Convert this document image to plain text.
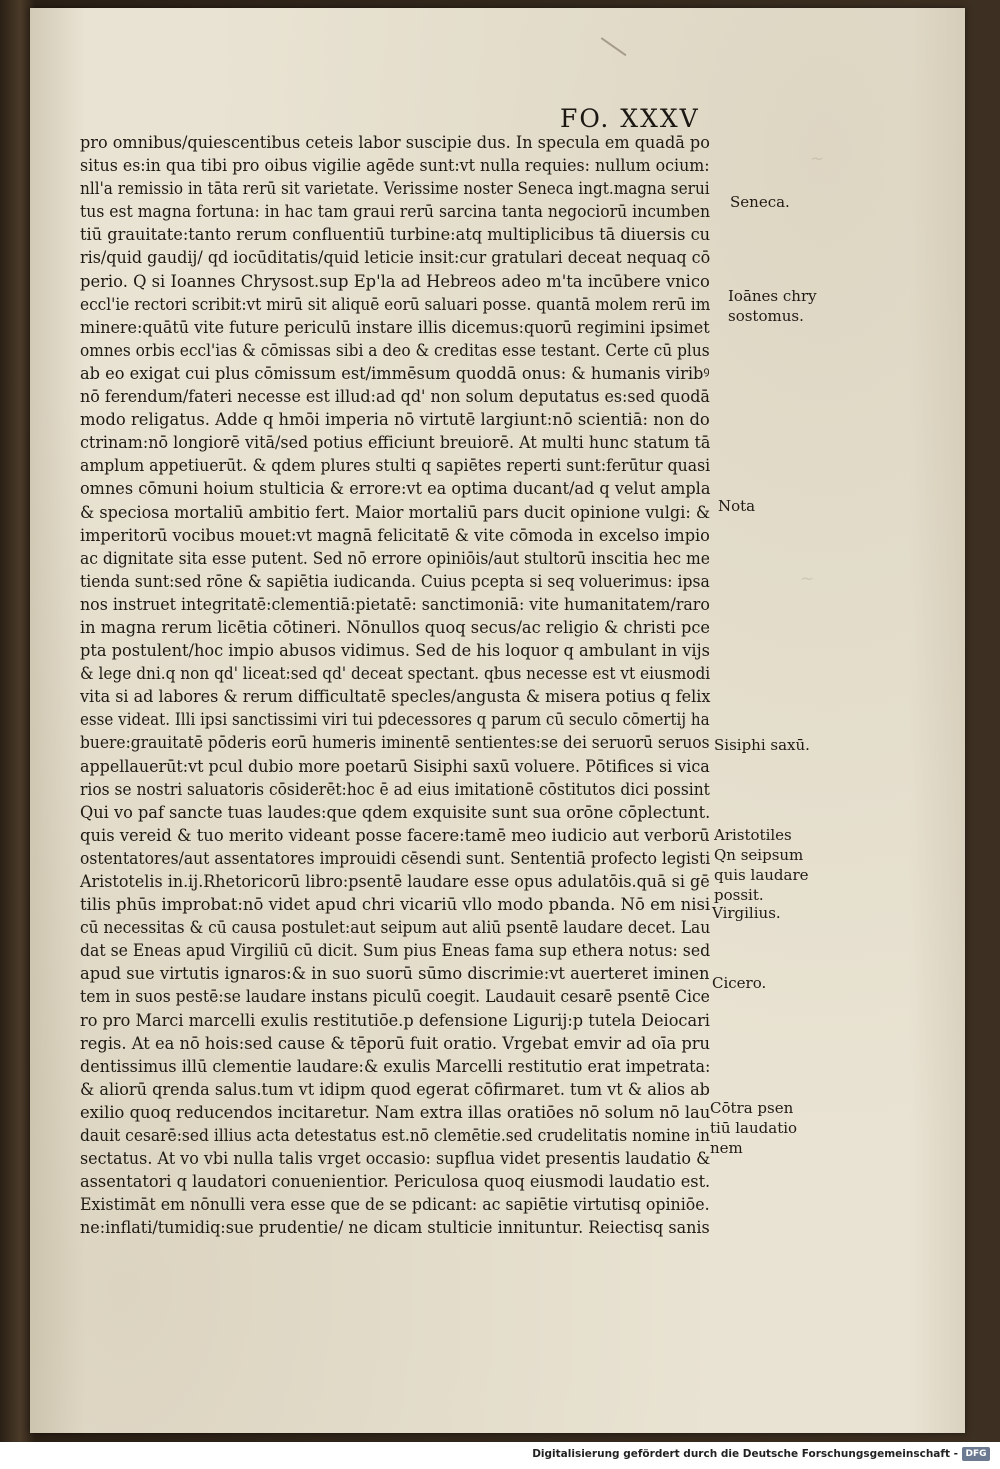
~
~
FO. XXXV
pro omnibus/quiescentibus ceteis labor suscipie dus. In specula em quadā po
situs es:in qua tibi pro oibus vigilie agēde sunt:vt nulla requies: nullum ocium:
nll'a remissio in tāta rerū sit varietate. Verissime noster Seneca ingt.magna serui
tus est magna fortuna: in hac tam graui rerū sarcina tanta negociorū incumben
tiū grauitate:tanto rerum confluentiū turbine:atq multiplicibus tā diuersis cu
ris/quid gaudij/ qd iocūditatis/quid leticie insit:cur gratulari deceat nequaq cō
perio. Q si Ioannes Chrysost.sup Ep'la ad Hebreos adeo m'ta incūbere vnico
eccl'ie rectori scribit:vt mirū sit aliquē eorū saluari posse. quantā molem rerū im
minere:quātū vite future periculū instare illis dicemus:quorū regimini ipsimet
omnes orbis eccl'ias & cōmissas sibi a deo & creditas esse testant. Certe cū plus
ab eo exigat cui plus cōmissum est/immēsum quoddā onus: & humanis viribꝰ
nō ferendum/fateri necesse est illud:ad qd' non solum deputatus es:sed quodā
modo religatus. Adde q hmōi imperia nō virtutē largiunt:nō scientiā: non do
ctrinam:nō longiorē vitā/sed potius efficiunt breuiorē. At multi hunc statum tā
amplum appetiuerūt. & qdem plures stulti q sapiētes reperti sunt:ferūtur quasi
omnes cōmuni hoium stulticia & errore:vt ea optima ducant/ad q velut ampla
& speciosa mortaliū ambitio fert. Maior mortaliū pars ducit opinione vulgi: &
imperitorū vocibus mouet:vt magnā felicitatē & vite cōmoda in excelso impio
ac dignitate sita esse putent. Sed nō errore opiniōis/aut stultorū inscitia hec me
tienda sunt:sed rōne & sapiētia iudicanda. Cuius pcepta si seq voluerimus: ipsa
nos instruet integritatē:clementiā:pietatē: sanctimoniā: vite humanitatem/raro
in magna rerum licētia cōtineri. Nōnullos quoq secus/ac religio & christi pce
pta postulent/hoc impio abusos vidimus. Sed de his loquor q ambulant in vijs
& lege dni.q non qd' liceat:sed qd' deceat spectant. qbus necesse est vt eiusmodi
vita si ad labores & rerum difficultatē specles/angusta & misera potius q felix
esse videat. Illi ipsi sanctissimi viri tui pdecessores q parum cū seculo cōmertij ha
buere:grauitatē pōderis eorū humeris iminentē sentientes:se dei seruorū seruos
appellauerūt:vt pcul dubio more poetarū Sisiphi saxū voluere. Pōtifices si vica
rios se nostri saluatoris cōsiderēt:hoc ē ad eius imitationē cōstitutos dici possint
Qui vo paf sancte tuas laudes:que qdem exquisite sunt sua orōne cōplectunt.
quis vereid & tuo merito videant posse facere:tamē meo iudicio aut verborū
ostentatores/aut assentatores improuidi cēsendi sunt. Sententiā profecto legisti
Aristotelis in.ij.Rhetoricorū libro:psentē laudare esse opus adulatōis.quā si gē
tilis phūs improbat:nō videt apud chri vicariū vllo modo pbanda. Nō em nisi
cū necessitas & cū causa postulet:aut seipum aut aliū psentē laudare decet. Lau
dat se Eneas apud Virgiliū cū dicit. Sum pius Eneas fama sup ethera notus: sed
apud sue virtutis ignaros:& in suo suorū sūmo discrimie:vt auerteret iminen
tem in suos pestē:se laudare instans piculū coegit. Laudauit cesarē psentē Cice
ro pro Marci marcelli exulis restitutiōe.p defensione Ligurij:p tutela Deiocari
regis. At ea nō hois:sed cause & tēporū fuit oratio. Vrgebat emvir ad oīa pru
dentissimus illū clementie laudare:& exulis Marcelli restitutio erat impetrata:
& aliorū qrenda salus.tum vt idipm quod egerat cōfirmaret. tum vt & alios ab
exilio quoq reducendos incitaretur. Nam extra illas oratiōes nō solum nō lau
dauit cesarē:sed illius acta detestatus est.nō clemētie.sed crudelitatis nomine in
sectatus. At vo vbi nulla talis vrget occasio: supflua videt presentis laudatio &
assentatori q laudatori conuenientior. Periculosa quoq eiusmodi laudatio est.
Existimāt em nōnulli vera esse que de se pdicant: ac sapiētie virtutisq opiniōe.
ne:inflati/tumidiq:sue prudentie/ ne dicam stulticie innituntur. Reiectisq sanis
Seneca.
Ioānes chry sostomus.
Nota
Sisiphi saxū.
Aristotiles Qn seipsum quis laudare possit.
Virgilius.
Cicero.
Cōtra psen tiū laudatio nem
Digitalisierung gefördert durch die Deutsche Forschungsgemeinschaft - DFG
